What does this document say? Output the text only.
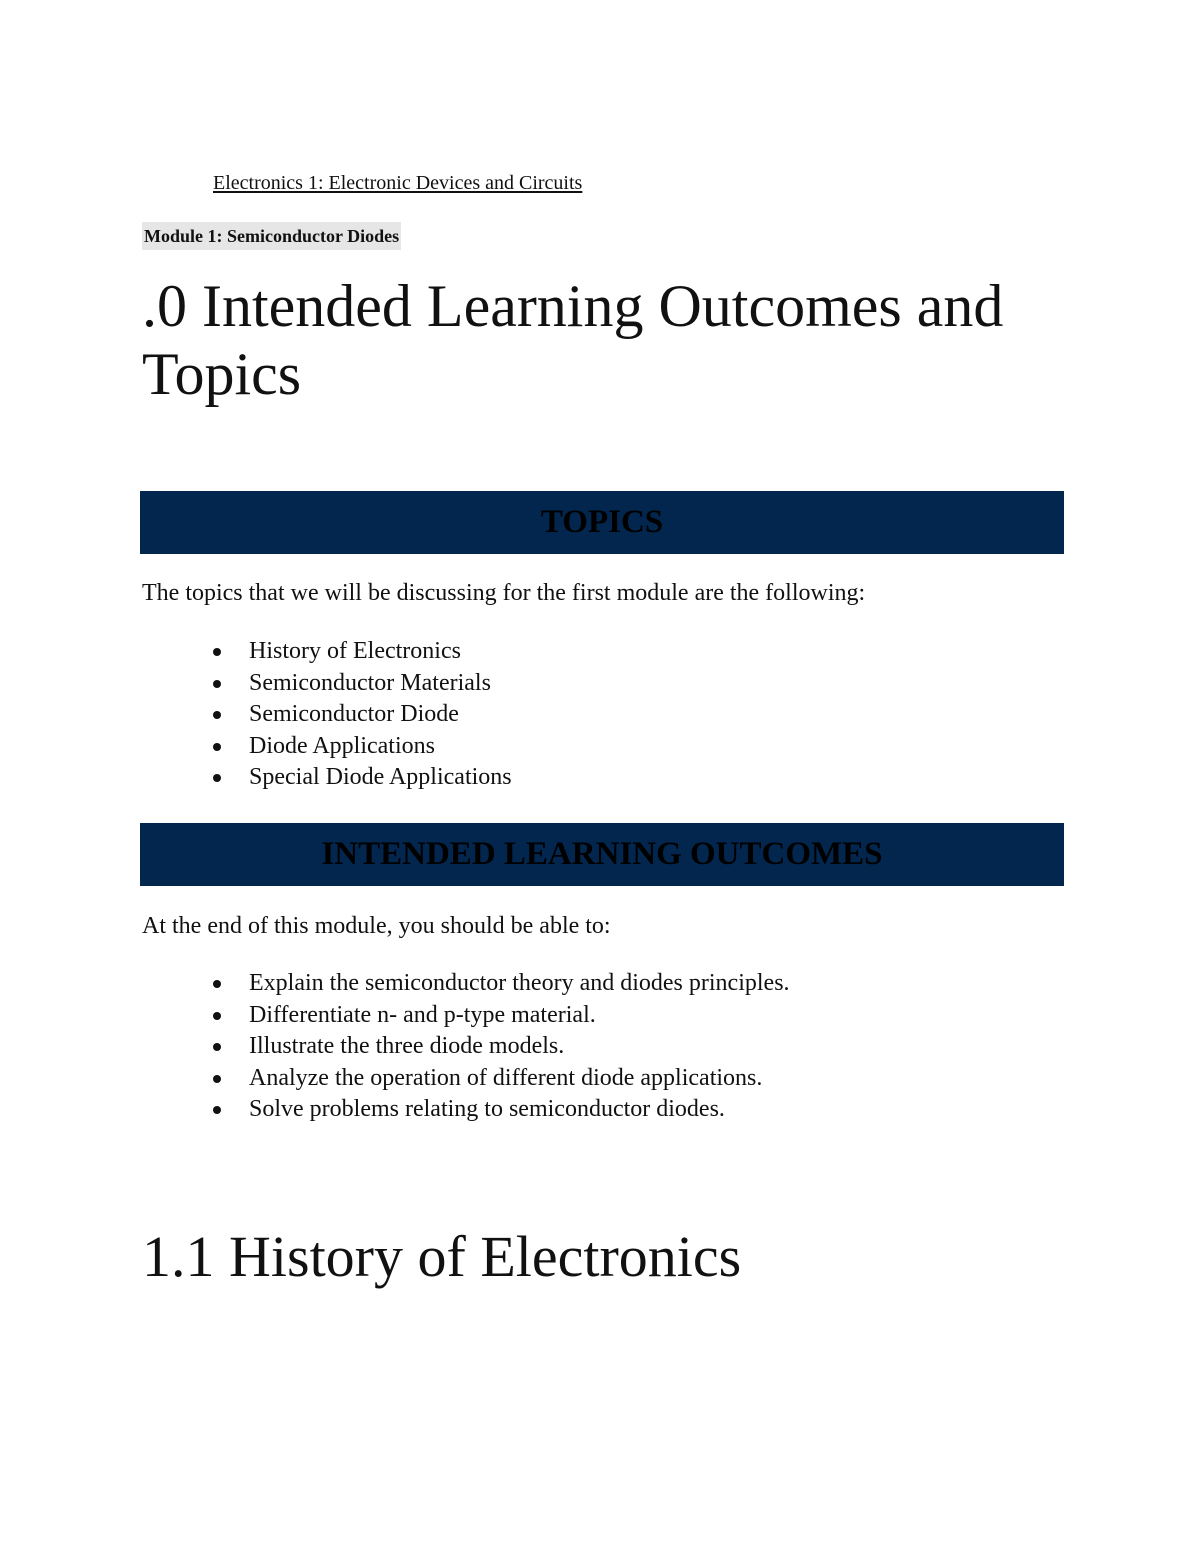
Electronics 1: Electronic Devices and Circuits
Module 1: Semiconductor Diodes
.0 Intended Learning Outcomes and Topics
TOPICS
The topics that we will be discussing for the first module are the following:
History of Electronics
Semiconductor Materials
Semiconductor Diode
Diode Applications
Special Diode Applications
INTENDED LEARNING OUTCOMES
At the end of this module, you should be able to:
Explain the semiconductor theory and diodes principles.
Differentiate n- and p-type material.
Illustrate the three diode models.
Analyze the operation of different diode applications.
Solve problems relating to semiconductor diodes.
1.1 History of Electronics
